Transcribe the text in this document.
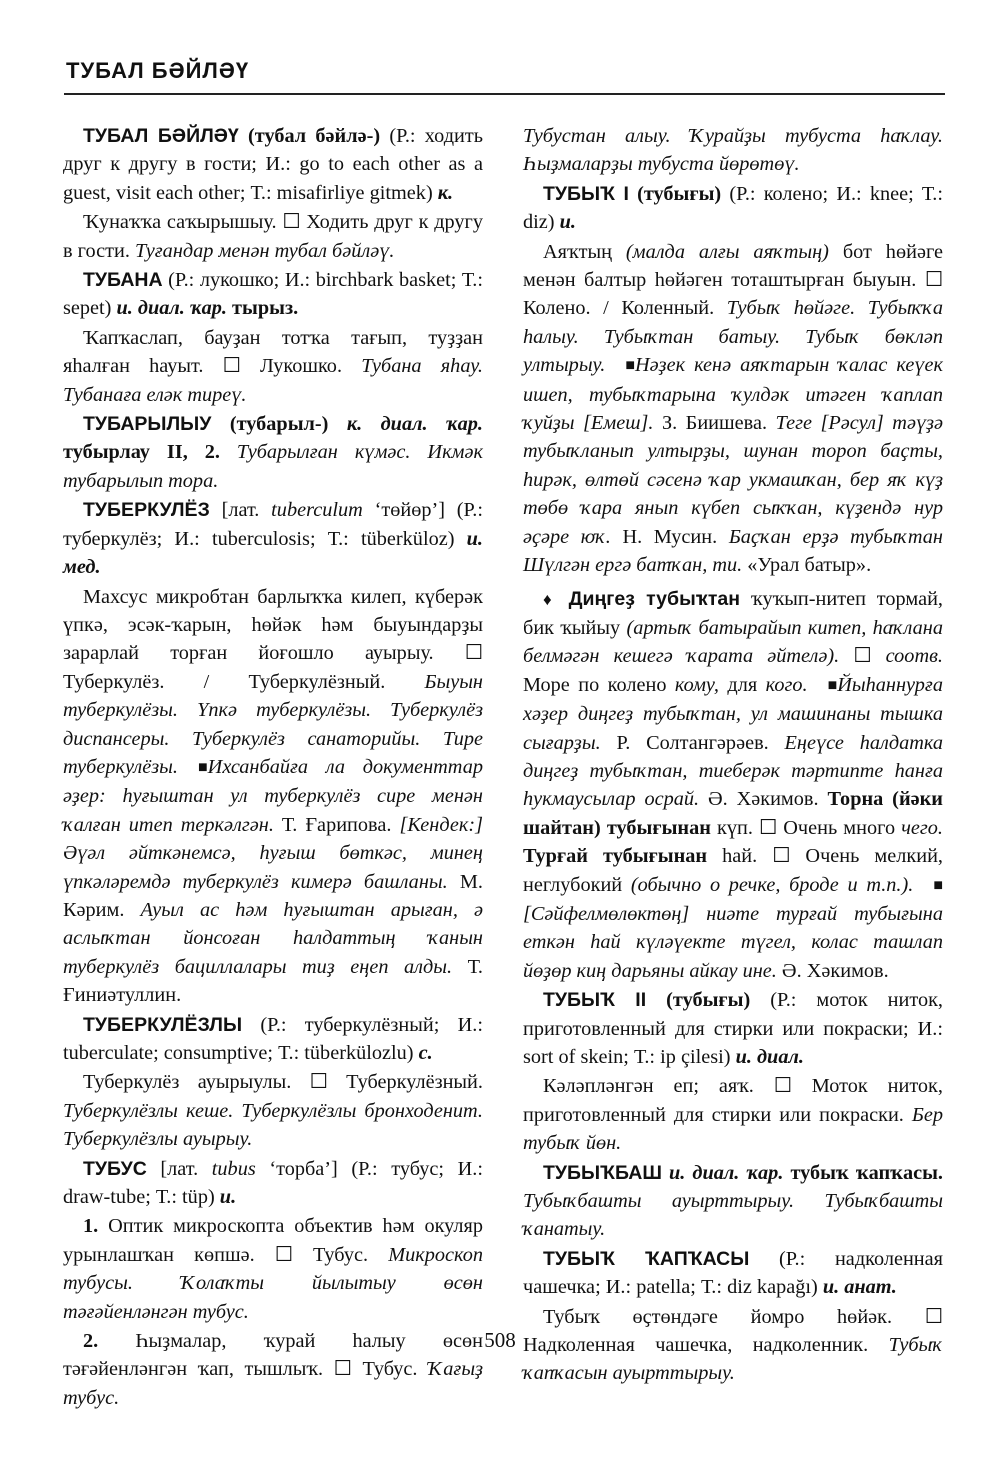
ТУБАЛ БӘЙЛӘҮ

ТУБАЛ БӘЙЛӘҮ (тубал бәйлә-) (Р.: ходить друг к другу в гости; И.: go to each other as a guest, visit each other; Т.: misafirliye gitmek) к.

Ҡунаҡҡа саҡырышыу. ☐ Ходить друг к другу в гости. Туғандар менән тубал бәйләү.

ТУБАНА (Р.: лукошко; И.: birchbark basket; Т.: sepet) и. диал. ҡар. тырыз.

Ҡапҡаслап, бауҙан тотҡа тағып, туҙҙан яһалған һауыт. ☐ Лукошко. Тубана яһау. Тубанаға еләк тиреү.

ТУБАРЫЛЫУ (тубарыл-) к. диал. ҡар. тубырлау II, 2. Тубарылған күмәс. Икмәк тубарылып тора.

ТУБЕРКУЛЁЗ [лат. tuberculum ‘төйөр’] (Р.: туберкулёз; И.: tuberculosis; Т.: tüberküloz) и. мед.

Махсус микробтан барлыҡҡа килеп, күберәк үпкә, эсәк-ҡарын, һөйәк һәм быуындарҙы зарарлай торған йоғошло ауырыу. ☐ Туберкулёз. / Туберкулёзный. Быуын туберкулёзы. Үпкә туберкулёзы. Туберкулёз диспансеры. Туберкулёз санаторийы. Тире туберкулёзы.■Ихсанбайға ла документтар әҙер: һуғыштан ул туберкулёз сире менән ҡалған итеп теркәлгән. Т. Ғарипова. [Кендек:] Әүәл әйткәнемсә, һуғыш бөткәс, минең үпкәләремдә туберкулёз кимерә башланы. М. Кәрим. Ауыл ас һәм һуғыштан арыған, ә аслыҡтан йонсоған һалдаттың ҡанын туберкулёз бациллалары тиҙ еңеп алды. Т. Ғиниәтуллин.

ТУБЕРКУЛЁЗЛЫ (Р.: туберкулёзный; И.: tuberculate; consumptive; Т.: tüberkülozlu) с.

Туберкулёз ауырыулы. ☐ Туберкулёзный. Туберкулёзлы кеше. Туберкулёзлы бронходенит. Туберкулёзлы ауырыу.

ТУБУС [лат. tubus ‘торба’] (Р.: тубус; И.: draw-tube; Т.: tüp) и.

1. Оптик микроскопта объектив һәм окуляр урынлашҡан көпшә. ☐ Тубус. Микроскоп тубусы. Ҡолаҡты йылытыу өсөн тәғәйенләнгән тубус.

2. Һыҙмалар, ҡурай һалыу өсөн тәғәйенләнгән ҡап, тышлыҡ. ☐ Тубус. Ҡағыҙ тубус.

Тубустан алыу. Ҡурайҙы тубуста һаҡлау. Һыҙмаларҙы тубуста йөрөтөү.

ТУБЫҠ I (тубығы) (Р.: колено; И.: knee; Т.: diz) и.

Аяҡтың (малда алғы аяҡтың) бот һөйәге менән балтыр һөйәген тоташтырған быуын. ☐ Колено. / Коленный. Тубыҡ һөйәге. Тубыҡҡа һалыу. Тубыҡтан батыу. Тубыҡ бөкләп ултырыу.■Нәҙек кенә аяҡтарын ҡалас кеүек ишеп, тубыҡтарына ҡулдәк итәген ҡаплап ҡуйҙы [Емеш]. З. Биишева. Теге [Рәсул] тәүҙә тубыҡланып ултырҙы, шунан тороп баҫты, һирәк, өлтөй сәсенә ҡар укмашҡан, бер яҡ күҙ төбө ҡара янып күбеп сыҡҡан, күҙендә нур әҫәре юҡ. Н. Мусин. Баҫҡан ерҙә тубыҡтан Шүлгән ергә батҡан, ти. «Урал батыр».

♦ Диңгеҙ тубыҡтан ҡуҡып-нитеп тормай, бик ҡыйыу (артыҡ батырайып китеп, һаҡлана белмәгән кешегә ҡарата әйтелә). ☐ соотв. Море по колено кому, для кого.■Йыһаннурға хәҙер диңгеҙ тубыҡтан, ул машинаны тышка сығарҙы. Р. Солтангәрәев. Еңеүсе һалдатка диңгеҙ тубыҡтан, тиеберәк тәртипте һанға һукмаусылар осрай. Ә. Хәкимов. Торна (йәки шайтан) тубығынан күп. ☐ Очень много чего. Турғай тубығынан һай. ☐ Очень мелкий, неглубокий (обычно о речке, броде и т.п.).■[Сәйфелмөлөктөң] ниәте турғай тубығына еткән һай күләүекте түгел, колас ташлап йөҙөр киң дарьяны айкау ине. Ә. Хәкимов.

ТУБЫҠ II (тубығы) (Р.: моток ниток, приготовленный для стирки или покраски; И.: sort of skein; Т.: ip çilesi) и. диал.

Кәләпләнгән еп; аяҡ. ☐ Моток ниток, приготовленный для стирки или покраски. Бер тубыҡ йөн.

ТУБЫҠБАШ и. диал. ҡар. тубыҡ ҡапҡасы. Тубыҡбашты ауырттырыу. Тубыҡбашты ҡанатыу.

ТУБЫҠ ҠАПҠАСЫ (Р.: надколенная чашечка; И.: patella; Т.: diz kapağı) и. анат.

Тубыҡ өҫтөндәге йомро һөйәк. ☐ Надколенная чашечка, надколенник. Тубыҡ ҡапҡасын ауырттырыу.

508
